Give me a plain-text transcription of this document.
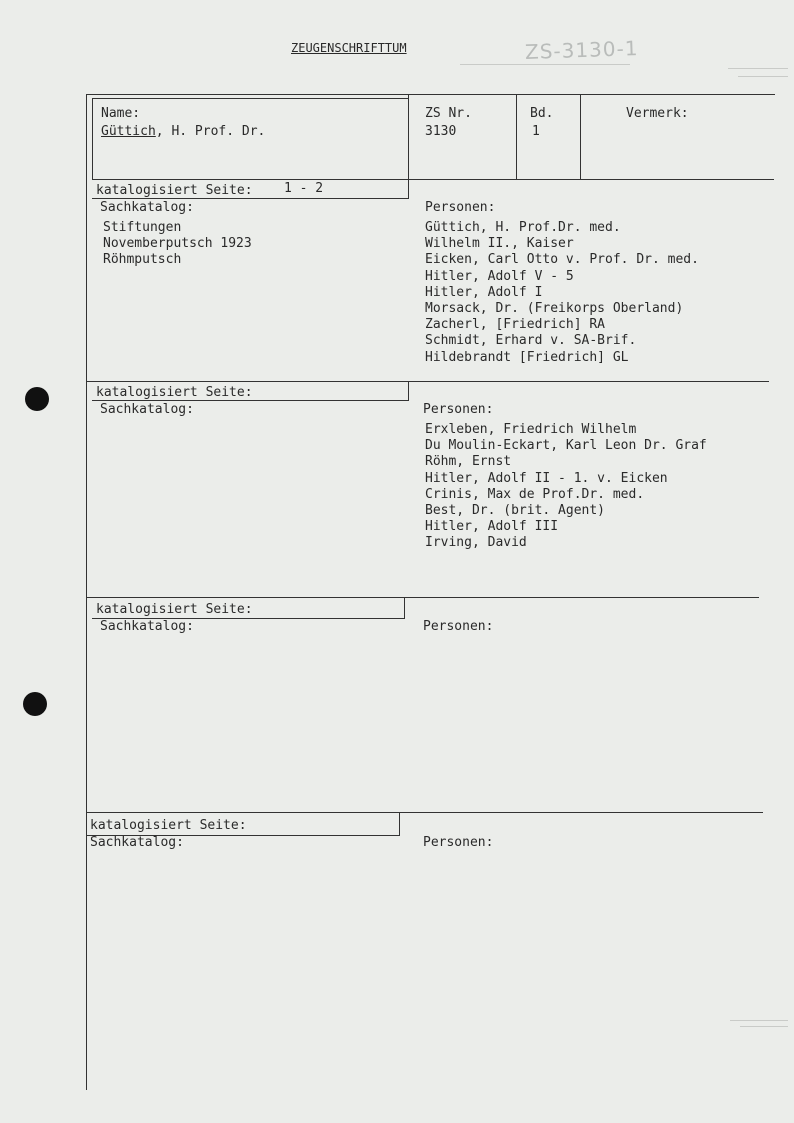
ZEUGENSCHRIFTTUM	ZS-3130-1
Name:
Güttich, H. Prof. Dr.
ZS Nr.
3130
Bd.
1
Vermerk:
katalogisiert Seite: 1 - 2
Sachkatalog:
Stiftungen
Novemberputsch 1923
Röhmputsch
Personen:
Güttich, H. Prof.Dr. med.
Wilhelm II., Kaiser
Eicken, Carl Otto v. Prof. Dr. med.
Hitler, Adolf V - 5
Hitler, Adolf I
Morsack, Dr. (Freikorps Oberland)
Zacherl, [Friedrich] RA
Schmidt, Erhard v. SA-Brif.
Hildebrandt [Friedrich] GL
katalogisiert Seite:
Sachkatalog:	Personen:
Erxleben, Friedrich Wilhelm
Du Moulin-Eckart, Karl Leon Dr. Graf
Röhm, Ernst
Hitler, Adolf II - 1. v. Eicken
Crinis, Max de Prof.Dr. med.
Best, Dr. (brit. Agent)
Hitler, Adolf III
Irving, David
katalogisiert Seite:
Sachkatalog:	Personen:
katalogisiert Seite:
Sachkatalog:	Personen:
